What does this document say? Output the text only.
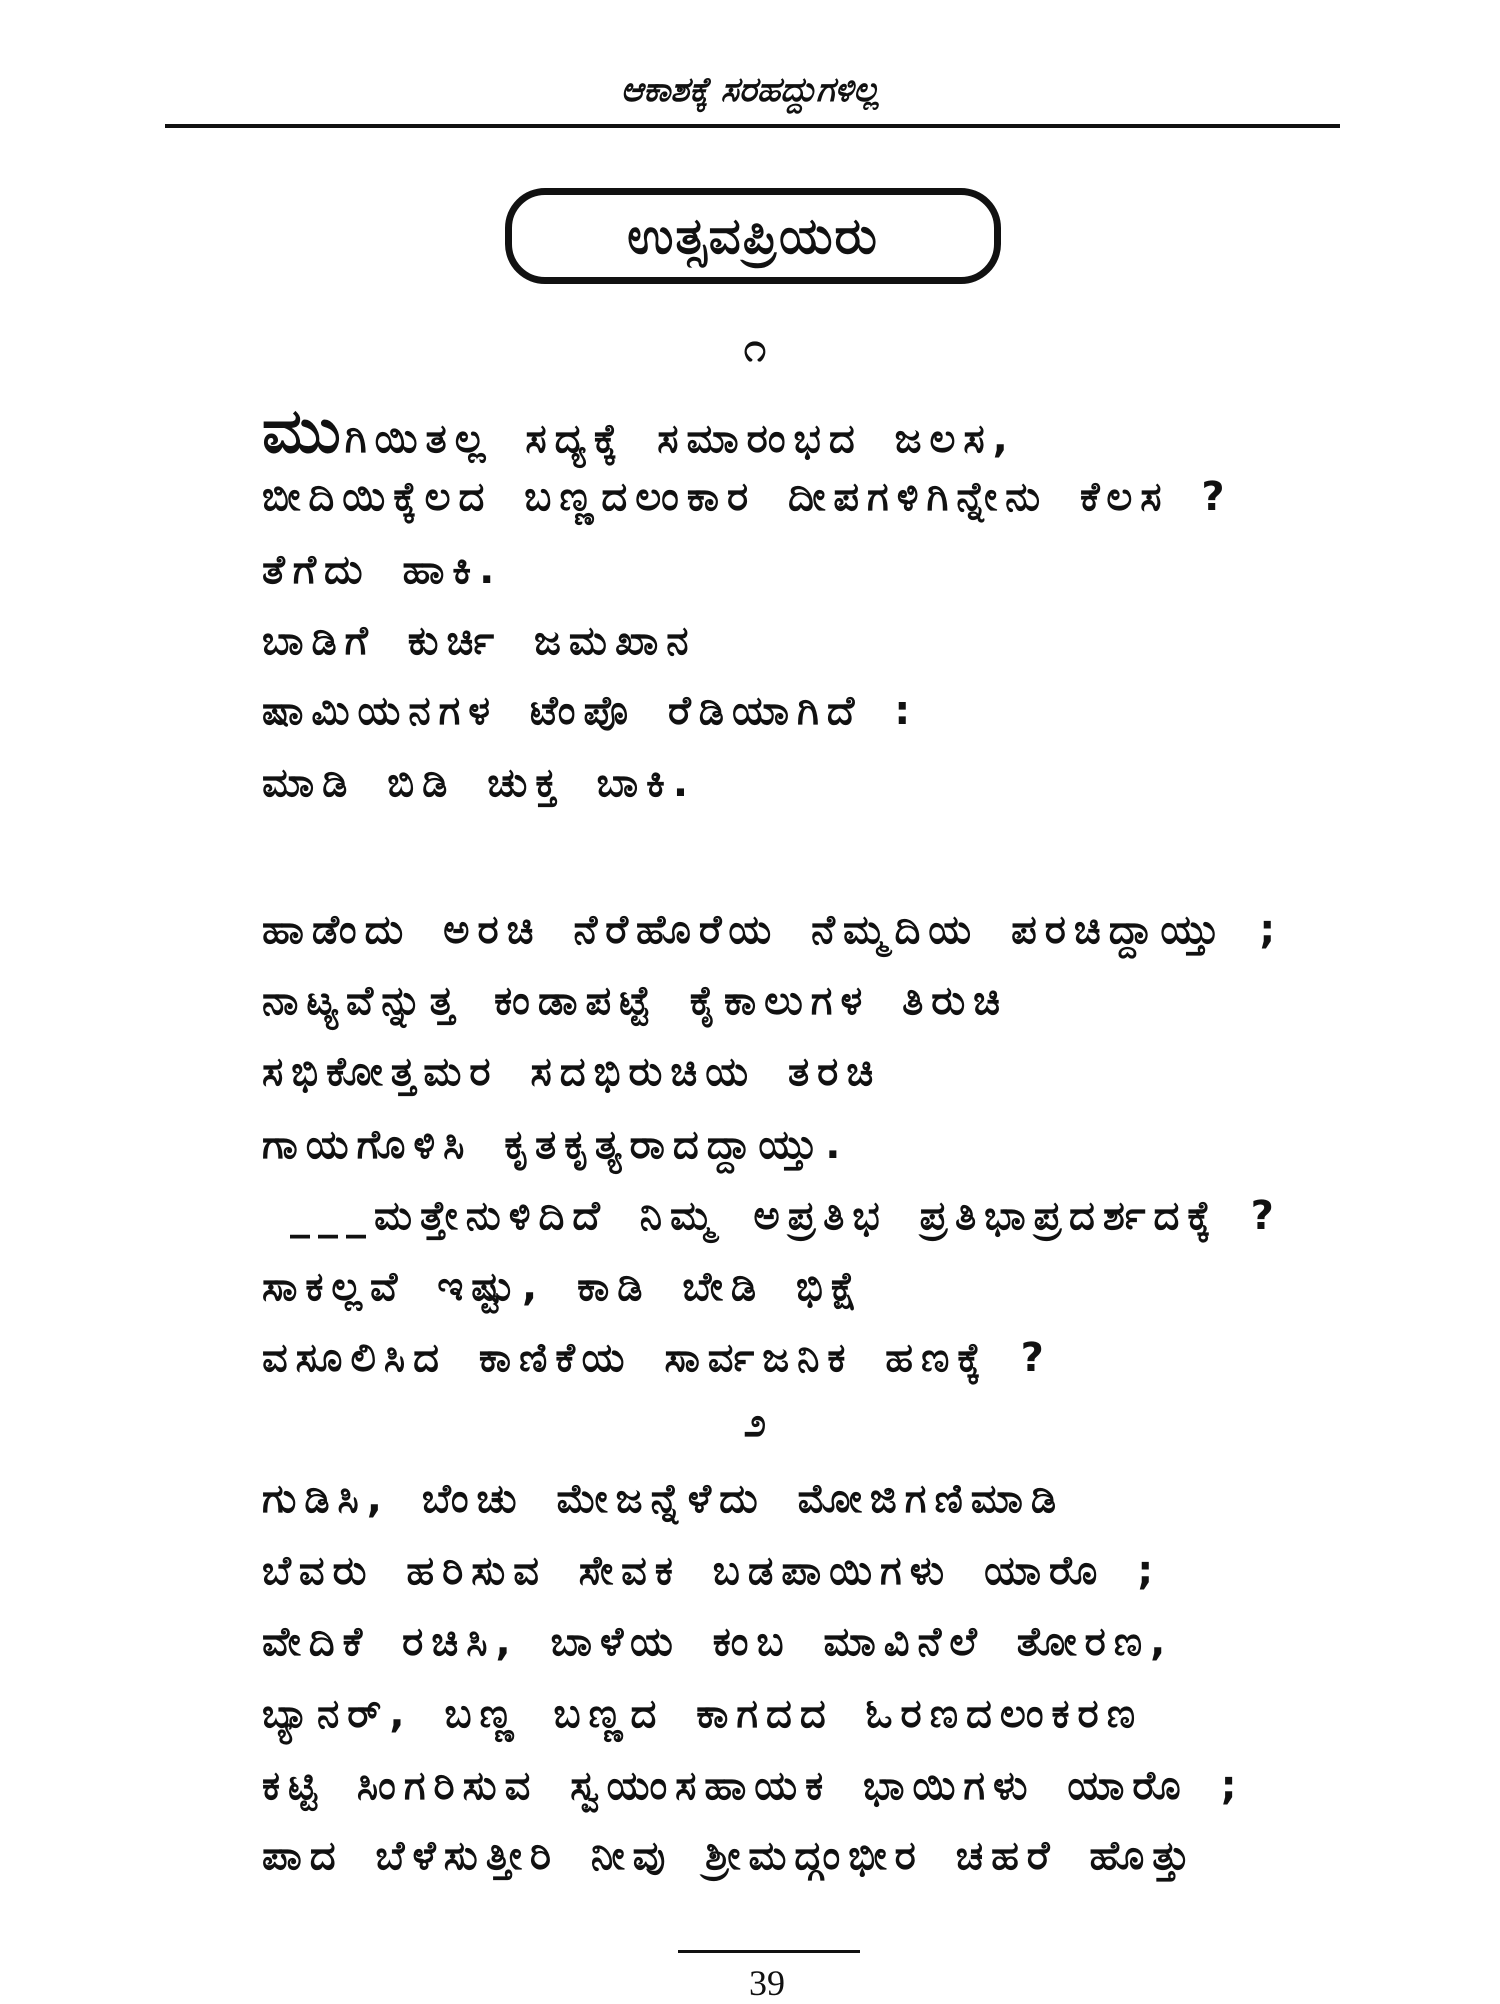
ಆಕಾಶಕ್ಕೆ ಸರಹದ್ದುಗಳಿಲ್ಲ
ಉತ್ಸವಪ್ರಿಯರು
೧
ಮುಗಿಯಿತಲ್ಲ ಸದ್ಯಕ್ಕೆ ಸಮಾರಂಭದ ಜಲಸ,
ಬೀದಿಯಿಕ್ಕೆಲದ ಬಣ್ಣದಲಂಕಾರ ದೀಪಗಳಿಗಿನ್ನೇನು ಕೆಲಸ ?
ತೆಗೆದು ಹಾಕಿ.
ಬಾಡಿಗೆ ಕುರ್ಚಿ ಜಮಖಾನ
ಷಾಮಿಯನಗಳ ಟೆಂಪೊ ರೆಡಿಯಾಗಿದೆ :
ಮಾಡಿ ಬಿಡಿ ಚುಕ್ತ ಬಾಕಿ.
ಹಾಡೆಂದು ಅರಚಿ ನೆರೆಹೊರೆಯ ನೆಮ್ಮದಿಯ ಪರಚಿದ್ದಾಯ್ತು ;
ನಾಟ್ಯವೆನ್ನುತ್ತ ಕಂಡಾಪಟ್ಟೆ ಕೈಕಾಲುಗಳ ತಿರುಚಿ
ಸಭಿಕೋತ್ತಮರ ಸದಭಿರುಚಿಯ ತರಚಿ
ಗಾಯಗೊಳಿಸಿ ಕೃತಕೃತ್ಯರಾದದ್ದಾಯ್ತು.
___ಮತ್ತೇನುಳಿದಿದೆ ನಿಮ್ಮ ಅಪ್ರತಿಭ ಪ್ರತಿಭಾಪ್ರದರ್ಶದಕ್ಕೆ ?
ಸಾಕಲ್ಲವೆ ಇಷ್ಟು, ಕಾಡಿ ಬೇಡಿ ಭಿಕ್ಷೆ
ವಸೂಲಿಸಿದ ಕಾಣಿಕೆಯ ಸಾರ್ವಜನಿಕ ಹಣಕ್ಕೆ ?
೨
ಗುಡಿಸಿ, ಬೆಂಚು ಮೇಜನ್ನೆಳೆದು ಮೋಜಿಗಣಿಮಾಡಿ
ಬೆವರು ಹರಿಸುವ ಸೇವಕ ಬಡಪಾಯಿಗಳು ಯಾರೊ ;
ವೇದಿಕೆ ರಚಿಸಿ, ಬಾಳೆಯ ಕಂಬ ಮಾವಿನೆಲೆ ತೋರಣ,
ಬ್ಯಾನರ್, ಬಣ್ಣ ಬಣ್ಣದ ಕಾಗದದ ಓರಣದಲಂಕರಣ
ಕಟ್ಟಿ ಸಿಂಗರಿಸುವ ಸ್ವಯಂಸಹಾಯಕ ಭಾಯಿಗಳು ಯಾರೊ ;
ಪಾದ ಬೆಳೆಸುತ್ತೀರಿ ನೀವು ಶ್ರೀಮದ್ಗಂಭೀರ ಚಹರೆ ಹೊತ್ತು
39
